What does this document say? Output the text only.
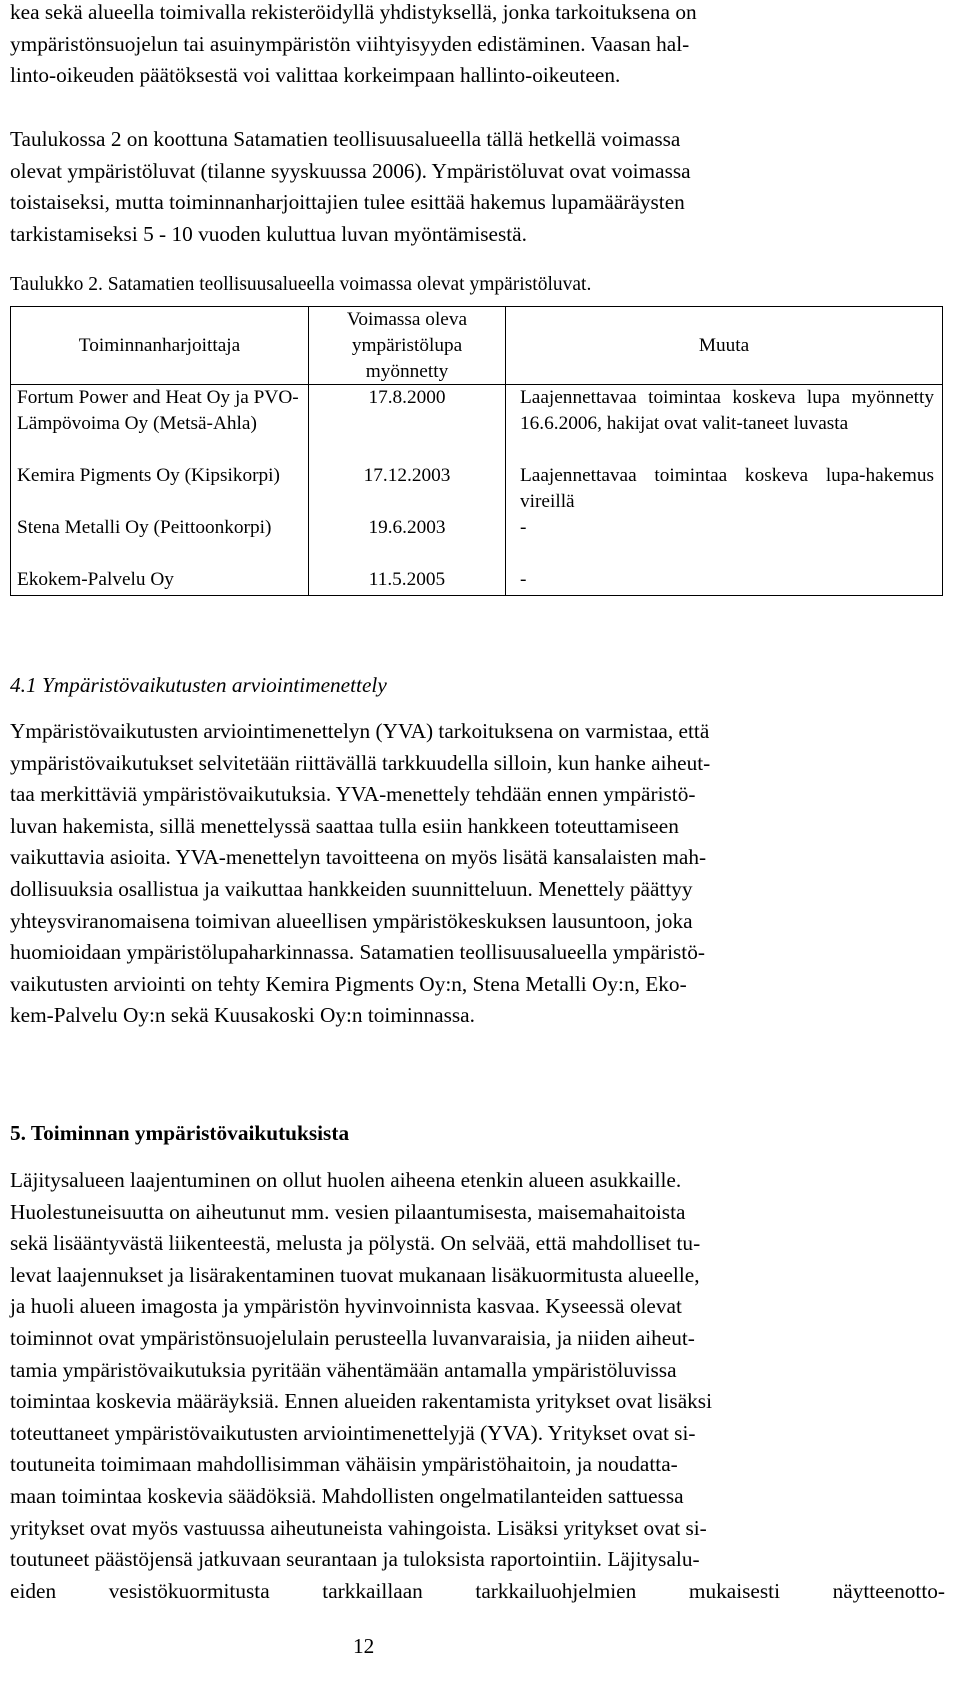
kea sekä alueella toimivalla rekisteröidyllä yhdistyksellä, jonka tarkoituksena on

ympäristönsuojelun tai asuinympäristön viihtyisyyden edistäminen. Vaasan hal-

linto-oikeuden päätöksestä voi valittaa korkeimpaan hallinto-oikeuteen.

Taulukossa 2 on koottuna Satamatien teollisuusalueella tällä hetkellä voimassa

olevat ympäristöluvat (tilanne syyskuussa 2006). Ympäristöluvat ovat voimassa

toistaiseksi, mutta toiminnanharjoittajien tulee esittää hakemus lupamääräysten

tarkistamiseksi 5 - 10 vuoden kuluttua luvan myöntämisestä.

Taulukko 2. Satamatien teollisuusalueella voimassa olevat ympäristöluvat.
Toiminnanharjoittaja	Voimassa oleva
ympäristölupa
myönnetty	Muuta
Fortum Power and Heat Oy ja PVO-Lämpövoima Oy (Metsä-Ahla)	17.8.2000	Laajennettavaa toimintaa koskeva lupa myönnetty 16.6.2006, hakijat ovat valit-taneet luvasta
Kemira Pigments Oy (Kipsikorpi)	17.12.2003	Laajennettavaa toimintaa koskeva lupa-hakemus vireillä
Stena Metalli Oy (Peittoonkorpi)	19.6.2003	-
Ekokem-Palvelu Oy	11.5.2005	-
4.1 Ympäristövaikutusten arviointimenettely

Ympäristövaikutusten arviointimenettelyn (YVA) tarkoituksena on varmistaa, että

ympäristövaikutukset selvitetään riittävällä tarkkuudella silloin, kun hanke aiheut-

taa merkittäviä ympäristövaikutuksia. YVA-menettely tehdään ennen ympäristö-

luvan hakemista, sillä menettelyssä saattaa tulla esiin hankkeen toteuttamiseen

vaikuttavia asioita. YVA-menettelyn tavoitteena on myös lisätä kansalaisten mah-

dollisuuksia osallistua ja vaikuttaa hankkeiden suunnitteluun. Menettely päättyy

yhteysviranomaisena toimivan alueellisen ympäristökeskuksen lausuntoon, joka

huomioidaan ympäristölupaharkinnassa. Satamatien teollisuusalueella ympäristö-

vaikutusten arviointi on tehty Kemira Pigments Oy:n, Stena Metalli Oy:n, Eko-

kem-Palvelu Oy:n sekä Kuusakoski Oy:n toiminnassa.

5. Toiminnan ympäristövaikutuksista

Läjitysalueen laajentuminen on ollut huolen aiheena etenkin alueen asukkaille.

Huolestuneisuutta on aiheutunut mm. vesien pilaantumisesta, maisemahaitoista

sekä lisääntyvästä liikenteestä, melusta ja pölystä. On selvää, että mahdolliset tu-

levat laajennukset ja lisärakentaminen tuovat mukanaan lisäkuormitusta alueelle,

ja huoli alueen imagosta ja ympäristön hyvinvoinnista kasvaa. Kyseessä olevat

toiminnot ovat ympäristönsuojelulain perusteella luvanvaraisia, ja niiden aiheut-

tamia ympäristövaikutuksia pyritään vähentämään antamalla ympäristöluvissa

toimintaa koskevia määräyksiä. Ennen alueiden rakentamista yritykset ovat lisäksi

toteuttaneet ympäristövaikutusten arviointimenettelyjä (YVA). Yritykset ovat si-

toutuneita toimimaan mahdollisimman vähäisin ympäristöhaitoin, ja noudatta-

maan toimintaa koskevia säädöksiä. Mahdollisten ongelmatilanteiden sattuessa

yritykset ovat myös vastuussa aiheutuneista vahingoista. Lisäksi yritykset ovat si-

toutuneet päästöjensä jatkuvaan seurantaan ja tuloksista raportointiin. Läjitysalu-

eiden vesistökuormitusta tarkkaillaan tarkkailuohjelmien mukaisesti näytteenotto-

12
